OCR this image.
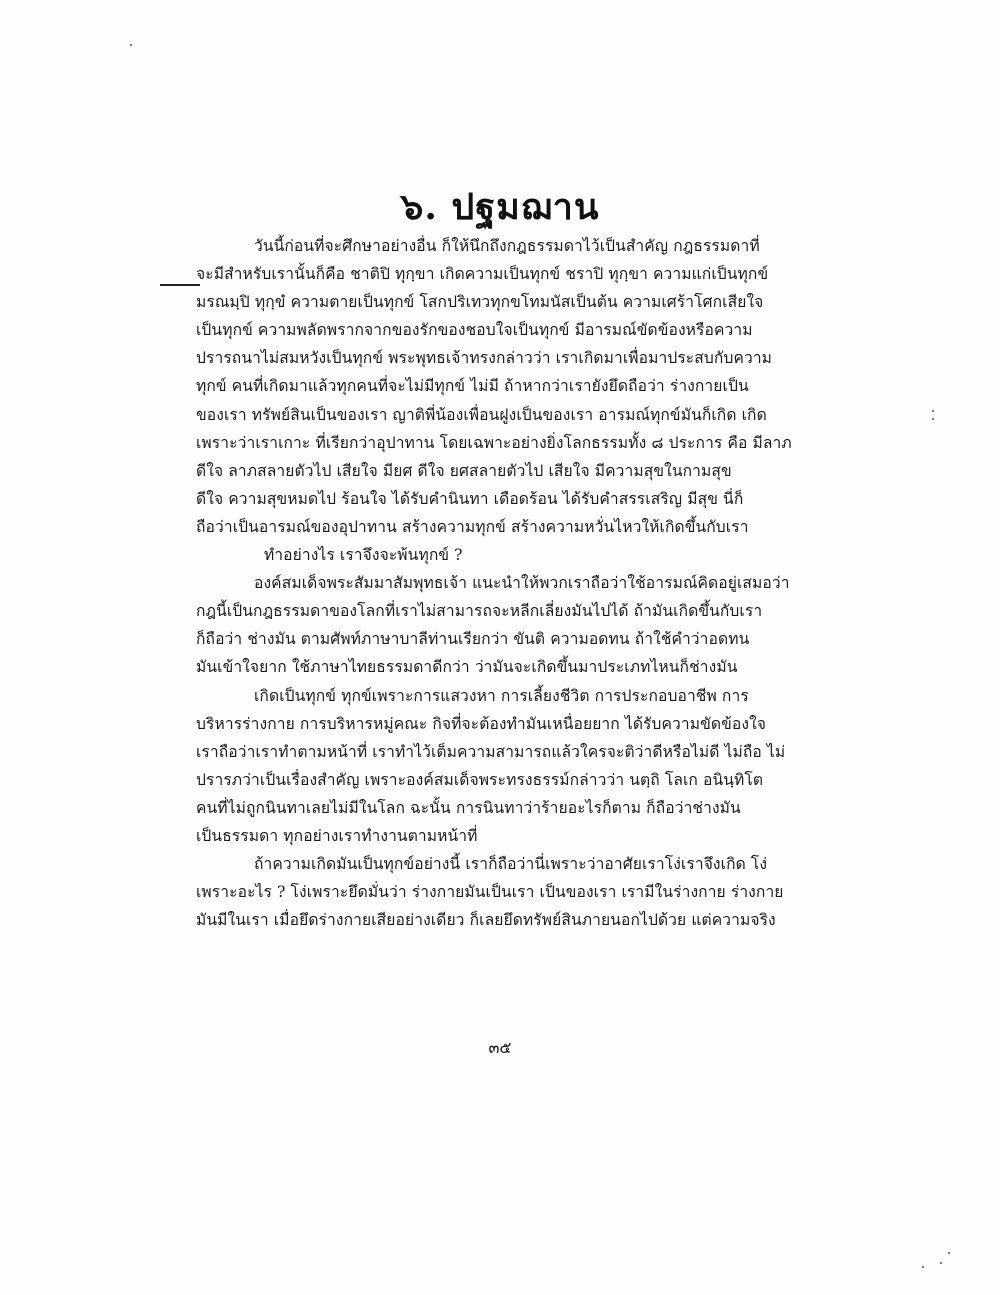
๖. ปฐมฌาน
วันนี้ก่อนที่จะศึกษาอย่างอื่น ก็ให้นึกถึงกฎธรรมดาไว้เป็นสำคัญ กฎธรรมดาที่
จะมีสำหรับเรานั้นก็คือ ชาติปิ ทุกฺขา เกิดความเป็นทุกข์ ชราปิ ทุกฺขา ความแก่เป็นทุกข์
มรณมฺปิ ทุกฺขํ ความตายเป็นทุกข์ โสกปริเทวทุกขโทมนัสเป็นต้น ความเศร้าโศกเสียใจ
เป็นทุกข์ ความพลัดพรากจากของรักของชอบใจเป็นทุกข์ มีอารมณ์ขัดข้องหรือความ
ปรารถนาไม่สมหวังเป็นทุกข์ พระพุทธเจ้าทรงกล่าวว่า เราเกิดมาเพื่อมาประสบกับความ
ทุกข์ คนที่เกิดมาแล้วทุกคนที่จะไม่มีทุกข์ ไม่มี ถ้าหากว่าเรายังยึดถือว่า ร่างกายเป็น
ของเรา ทรัพย์สินเป็นของเรา ญาติพี่น้องเพื่อนฝูงเป็นของเรา อารมณ์ทุกข์มันก็เกิด เกิด
เพราะว่าเราเกาะ ที่เรียกว่าอุปาทาน โดยเฉพาะอย่างยิ่งโลกธรรมทั้ง ๘ ประการ คือ มีลาภ
ดีใจ ลาภสลายตัวไป เสียใจ มียศ ดีใจ ยศสลายตัวไป เสียใจ มีความสุขในกามสุข
ดีใจ ความสุขหมดไป ร้อนใจ ได้รับคำนินทา เดือดร้อน ได้รับคำสรรเสริญ มีสุข นี่ก็
ถือว่าเป็นอารมณ์ของอุปาทาน สร้างความทุกข์ สร้างความหวั่นไหวให้เกิดขึ้นกับเรา
ทำอย่างไร เราจึงจะพ้นทุกข์ ?
องค์สมเด็จพระสัมมาสัมพุทธเจ้า แนะนำให้พวกเราถือว่าใช้อารมณ์คิดอยู่เสมอว่า
กฎนี้เป็นกฎธรรมดาของโลกที่เราไม่สามารถจะหลีกเลี่ยงมันไปได้ ถ้ามันเกิดขึ้นกับเรา
ก็ถือว่า ช่างมัน ตามศัพท์ภาษาบาลีท่านเรียกว่า ขันติ ความอดทน ถ้าใช้คำว่าอดทน
มันเข้าใจยาก ใช้ภาษาไทยธรรมดาดีกว่า ว่ามันจะเกิดขึ้นมาประเภทไหนก็ช่างมัน
เกิดเป็นทุกข์ ทุกข์เพราะการแสวงหา การเลี้ยงชีวิต การประกอบอาชีพ การ
บริหารร่างกาย การบริหารหมู่คณะ กิจที่จะต้องทำมันเหนื่อยยาก ได้รับความขัดข้องใจ
เราถือว่าเราทำตามหน้าที่ เราทำไว้เต็มความสามารถแล้วใครจะติว่าดีหรือไม่ดี ไม่ถือ ไม่
ปรารภว่าเป็นเรื่องสำคัญ เพราะองค์สมเด็จพระทรงธรรม์กล่าวว่า นตฺถิ โลเก อนินฺทิโต
คนที่ไม่ถูกนินทาเลยไม่มีในโลก ฉะนั้น การนินทาว่าร้ายอะไรก็ตาม ก็ถือว่าช่างมัน
เป็นธรรมดา ทุกอย่างเราทำงานตามหน้าที่
ถ้าความเกิดมันเป็นทุกข์อย่างนี้ เราก็ถือว่านี่เพราะว่าอาศัยเราโง่เราจึงเกิด โง่
เพราะอะไร ? โง่เพราะยึดมั่นว่า ร่างกายมันเป็นเรา เป็นของเรา เรามีในร่างกาย ร่างกาย
มันมีในเรา เมื่อยึดร่างกายเสียอย่างเดียว ก็เลยยึดทรัพย์สินภายนอกไปด้วย แต่ความจริง
๓๕
